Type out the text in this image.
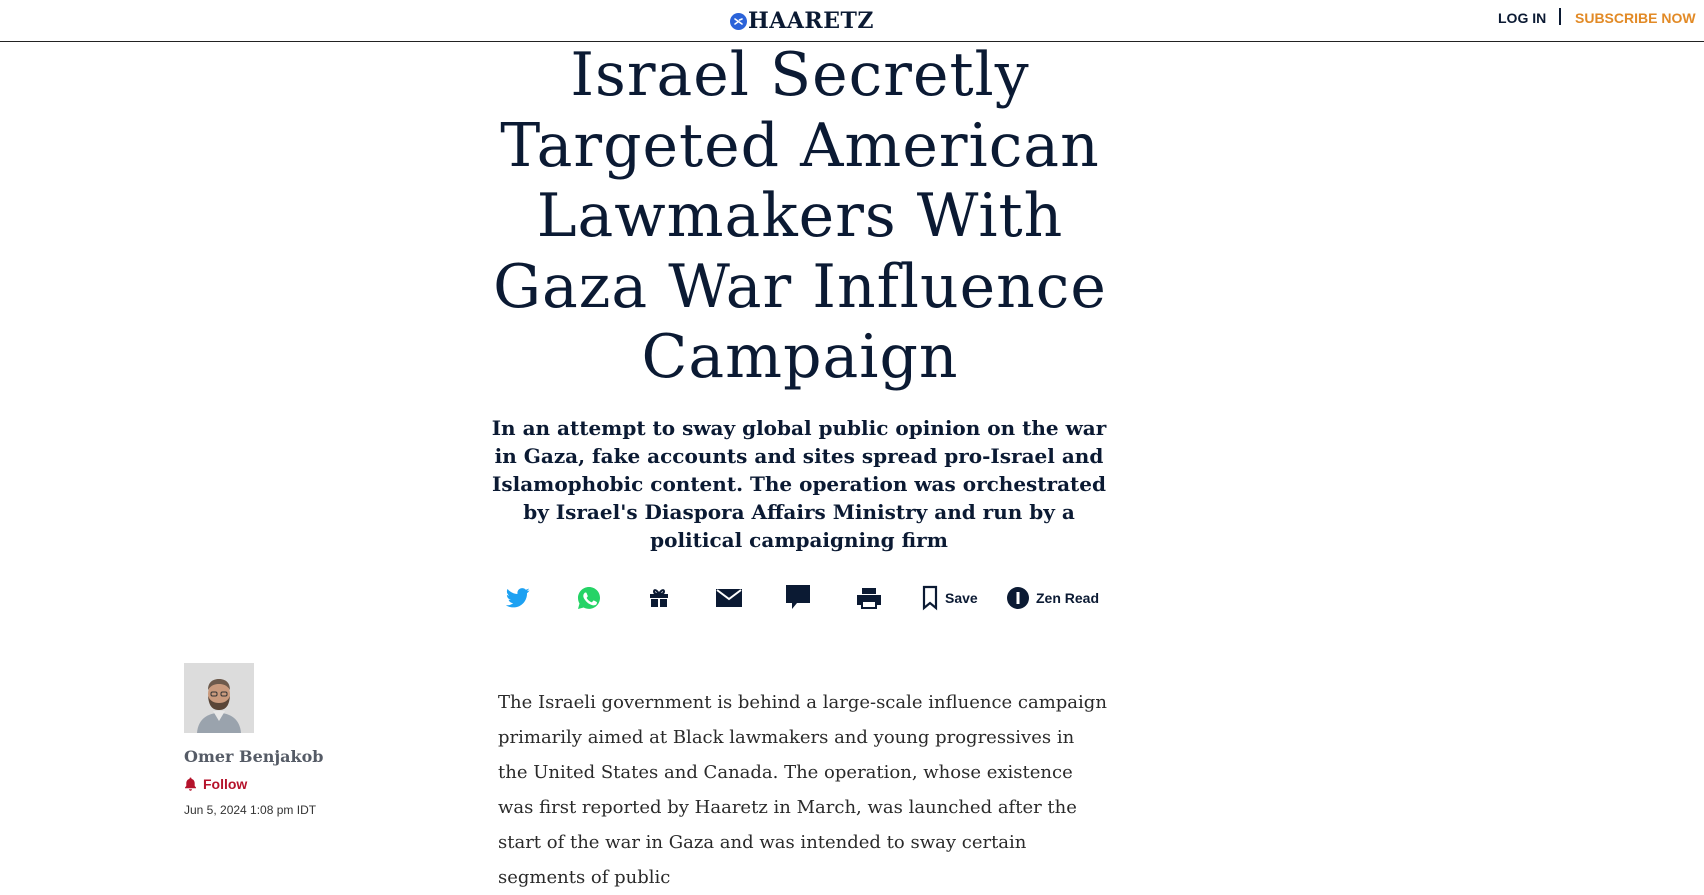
HAARETZ	LOG IN SUBSCRIBE NOW
Israel Secretly Targeted American Lawmakers With Gaza War Influence Campaign
In an attempt to sway global public opinion on the war in Gaza, fake accounts and sites spread pro-Israel and Islamophobic content. The operation was orchestrated by Israel's Diaspora Affairs Ministry and run by a political campaigning firm
Save	Zen Read
Omer Benjakob
Follow
Jun 5, 2024 1:08 pm IDT

The Israeli government is behind a large-scale influence campaign primarily aimed at Black lawmakers and young progressives in the United States and Canada. The operation, whose existence was first reported by Haaretz in March, was launched after the start of the war in Gaza and was intended to sway certain segments of public
